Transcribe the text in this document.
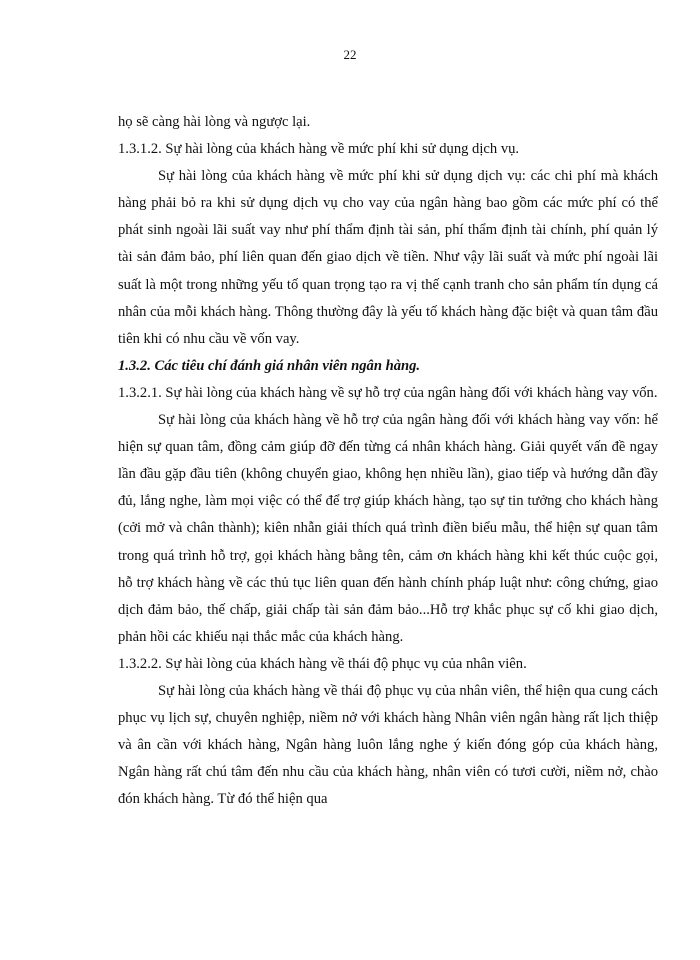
22

họ sẽ càng hài lòng và ngược lại.

1.3.1.2. Sự hài lòng của khách hàng về mức phí khi sử dụng dịch vụ.

Sự hài lòng của khách hàng về mức phí khi sử dụng dịch vụ: các chi phí mà khách hàng phải bỏ ra khi sử dụng dịch vụ cho vay của ngân hàng bao gồm các mức phí có thể phát sinh ngoài lãi suất vay như phí thẩm định tài sản, phí thẩm định tài chính, phí quản lý tài sản đảm bảo, phí liên quan đến giao dịch về tiền. Như vậy lãi suất và mức phí ngoài lãi suất là một trong những yếu tố quan trọng tạo ra vị thế cạnh tranh cho sản phẩm tín dụng cá nhân của mỗi khách hàng. Thông thường đây là yếu tố khách hàng đặc biệt và quan tâm đầu tiên khi có nhu cầu về vốn vay.

1.3.2. Các tiêu chí đánh giá nhân viên ngân hàng.

1.3.2.1. Sự hài lòng của khách hàng về sự hỗ trợ của ngân hàng đối với khách hàng vay vốn.

Sự hài lòng của khách hàng về hỗ trợ của ngân hàng đối với khách hàng vay vốn: hể hiện sự quan tâm, đồng cảm giúp đỡ đến từng cá nhân khách hàng. Giải quyết vấn đề ngay lần đầu gặp đầu tiên (không chuyển giao, không hẹn nhiều lần), giao tiếp và hướng dẫn đầy đủ, lắng nghe, làm mọi việc có thể để trợ giúp khách hàng, tạo sự tin tưởng cho khách hàng (cởi mở và chân thành); kiên nhẫn giải thích quá trình điền biểu mẫu, thể hiện sự quan tâm trong quá trình hỗ trợ, gọi khách hàng bằng tên, cảm ơn khách hàng khi kết thúc cuộc gọi, hỗ trợ khách hàng về các thủ tục liên quan đến hành chính pháp luật như: công chứng, giao dịch đảm bảo, thế chấp, giải chấp tài sản đảm bảo...Hỗ trợ khắc phục sự cố khi giao dịch, phản hồi các khiếu nại thắc mắc của khách hàng.

1.3.2.2. Sự hài lòng của khách hàng về thái độ phục vụ của nhân viên.

Sự hài lòng của khách hàng về thái độ phục vụ của nhân viên, thể hiện qua cung cách phục vụ lịch sự, chuyên nghiệp, niềm nở với khách hàng Nhân viên ngân hàng rất lịch thiệp và ân cần với khách hàng, Ngân hàng luôn lắng nghe ý kiến đóng góp của khách hàng, Ngân hàng rất chú tâm đến nhu cầu của khách hàng, nhân viên có tươi cười, niềm nở, chào đón khách hàng. Từ đó thể hiện qua
